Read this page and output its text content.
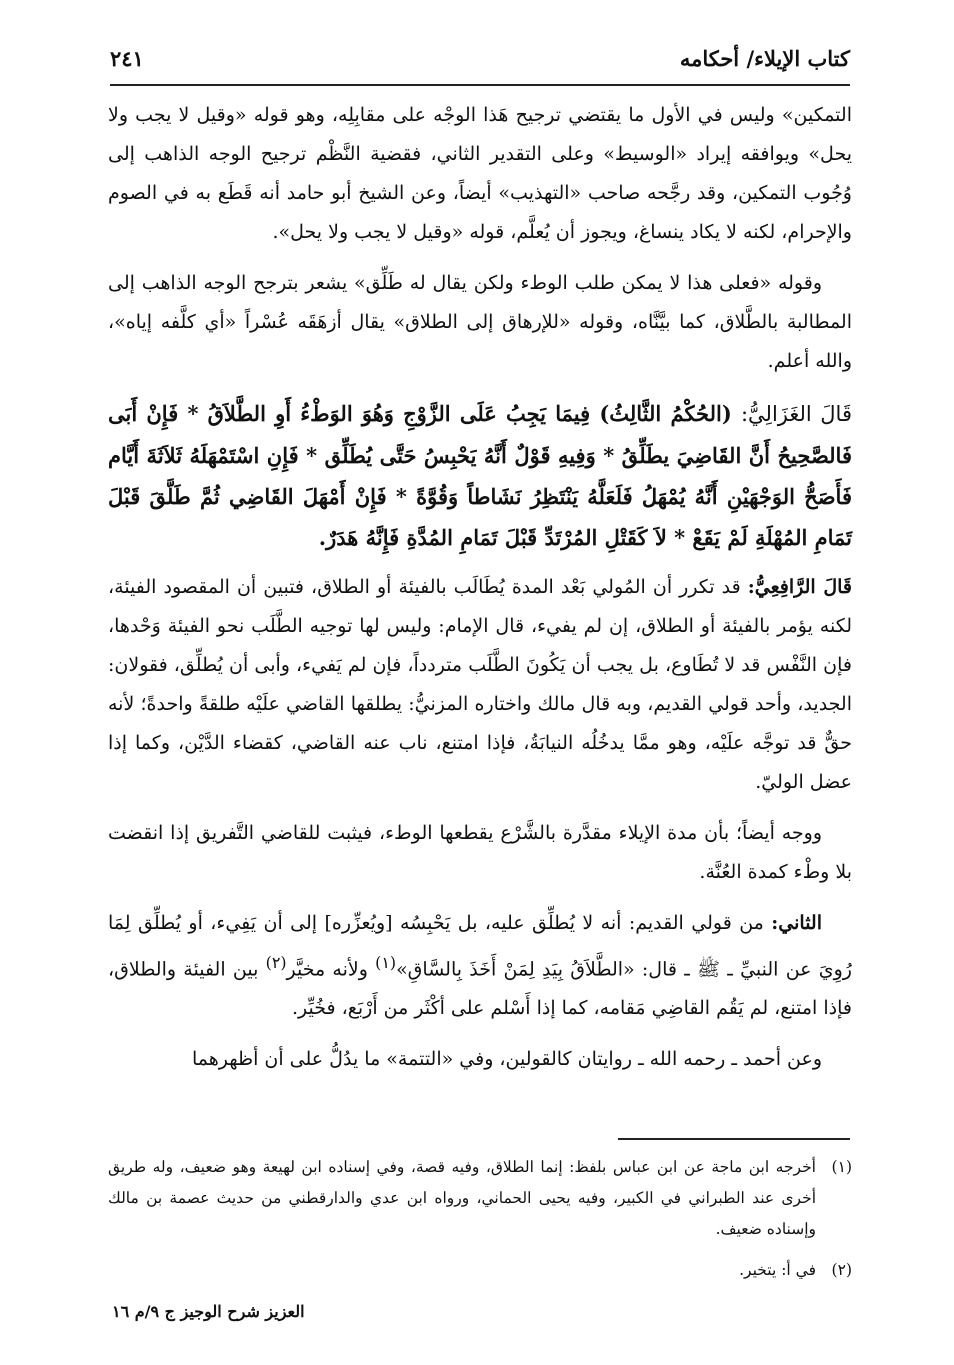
كتاب الإيلاء/ أحكامه
٢٤١

التمكين» وليس في الأول ما يقتضي ترجيح هَذا الوجْه على مقابِلِه، وهو قوله «وقيل لا يجب ولا يحل» ويوافقه إيراد «الوسيط» وعلى التقدير الثاني، فقضية النَّظْم ترجيح الوجه الذاهب إلى وُجُوب التمكين، وقد رجَّحه صاحب «التهذيب» أيضاً، وعن الشيخ أبو حامد أنه قَطَع به في الصوم والإحرام، لكنه لا يكاد ينساغ، ويجوز أن يُعلَّم، قوله «وقيل لا يجب ولا يحل».

وقوله «فعلى هذا لا يمكن طلب الوطء ولكن يقال له طَلِّق» يشعر بترجح الوجه الذاهب إلى المطالبة بالطَّلاق، كما بيَّنَّاه، وقوله «للإرهاق إلى الطلاق» يقال أزهَقَه عُسْراً «أي كلَّفه إياه»، والله أعلم.

قَالَ الغَزَالِيُّ: (الحُكْمُ الثَّالِثُ) فِيمَا يَجِبُ عَلَى الزَّوْجِ وَهُوَ الوَطْءُ أَوِ الطَّلاَقُ * فَإِنْ أَبَى فَالصَّحِيحُ أَنَّ القَاضِيَ يطَلِّقُ * وَفِيهِ قَوْلٌ أَنَّهُ يَحْبِسُ حَتَّى يُطَلِّق * فَإِنِ اسْتَمْهَلَهُ ثَلاَثَةَ أَيَّام فَأَصَحُّ الوَجْهَيْنِ أَنَّهُ يُمْهَلُ فَلَعَلَّهُ يَنْتَظِرُ نَشَاطاً وَقُوَّةً * فَإِنْ أَمْهَلَ القَاضِي ثُمَّ طَلَّقَ قَبْلَ تَمَامِ المُهْلَةِ لَمْ يَقَعْ * لاَ كَقَتْلِ المُرْتَدِّ قَبْلَ تَمَامِ المُدَّةِ فَإِنَّهُ هَدَرٌ.

قَالَ الرَّافِعِيُّ: قد تكرر أن المُولي بَعْد المدة يُطَالَب بالفيئة أو الطلاق، فتبين أن المقصود الفيئة، لكنه يؤمر بالفيئة أو الطلاق، إن لم يفيء، قال الإمام: وليس لها توجيه الطَّلَب نحو الفيئة وَحْدها، فإن النَّفْس قد لا تُطَاوع، بل يجب أن يَكُونَ الطَّلَب متردداً، فإن لم يَفيء، وأبى أن يُطلِّق، فقولان: الجديد، وأحد قولي القديم، وبه قال مالك واختاره المزنيُّ: يطلقها القاضي علَيْه طلقةً واحدةً؛ لأنه حقٌّ قد توجَّه علَيْه، وهو ممَّا يدخُلُه النيابَةُ، فإذا امتنع، ناب عنه القاضي، كقضاء الدَّيْن، وكما إذا عضل الوليّ.

ووجه أيضاً؛ بأن مدة الإيلاء مقدَّرة بالشَّرْع يقطعها الوطء، فيثبت للقاضي التَّفريق إذا انقضت بلا وطْء كمدة العُنَّة.

الثاني: من قولي القديم: أنه لا يُطلِّق عليه، بل يَحْبِسُه [ويُعزِّره] إلى أن يَفِيء، أو يُطلِّق لِمَا رُوِيَ عن النبيِّ ـ ﷺ ـ قال: «الطَّلاَقُ بِيَدِ لِمَنْ أَخَذَ بِالسَّاقِ»$^{(١)}$ ولأنه مخيَّر$^{(٢)}$ بين الفيئة والطلاق، فإذا امتنع، لم يَقُم القاضِي مَقامه، كما إذا أَسْلم على أكْثَر من أَرْبَع، فخُيِّر.

وعن أحمد ـ رحمه الله ـ روايتان كالقولين، وفي «التتمة» ما يدُلُّ على أن أظهرهما

(١)
أخرجه ابن ماجة عن ابن عباس بلفظ: إنما الطلاق، وفيه قصة، وفي إسناده ابن لهيعة وهو ضعيف، وله طريق أخرى عند الطبراني في الكبير، وفيه يحيى الحماني، ورواه ابن عدي والدارقطني من حديث عصمة بن مالك وإسناده ضعيف.
(٢)
في أ: يتخير.
العزيز شرح الوجيز ج ٩/م ١٦
